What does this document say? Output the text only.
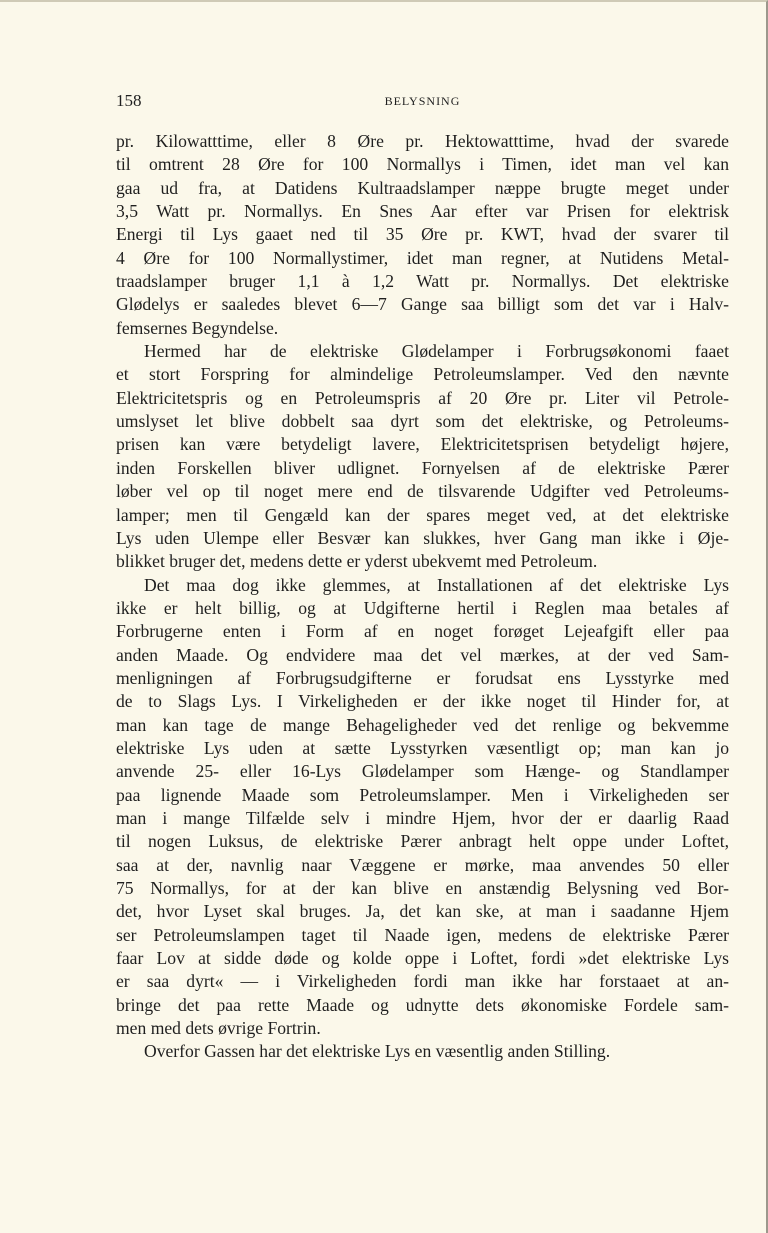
158	BELYSNING
pr. Kilowatttime, eller 8 Øre pr. Hektowatttime, hvad der svarede
til omtrent 28 Øre for 100 Normallys i Timen, idet man vel kan
gaa ud fra, at Datidens Kultraadslamper næppe brugte meget under
3,5 Watt pr. Normallys. En Snes Aar efter var Prisen for elektrisk
Energi til Lys gaaet ned til 35 Øre pr. KWT, hvad der svarer til
4 Øre for 100 Normallystimer, idet man regner, at Nutidens Metal-
traadslamper bruger 1,1 à 1,2 Watt pr. Normallys. Det elektriske
Glødelys er saaledes blevet 6—7 Gange saa billigt som det var i Halv-
femsernes Begyndelse.
Hermed har de elektriske Glødelamper i Forbrugsøkonomi faaet
et stort Forspring for almindelige Petroleumslamper. Ved den nævnte
Elektricitetspris og en Petroleumspris af 20 Øre pr. Liter vil Petrole-
umslyset let blive dobbelt saa dyrt som det elektriske, og Petroleums-
prisen kan være betydeligt lavere, Elektricitetsprisen betydeligt højere,
inden Forskellen bliver udlignet. Fornyelsen af de elektriske Pærer
løber vel op til noget mere end de tilsvarende Udgifter ved Petroleums-
lamper; men til Gengæld kan der spares meget ved, at det elektriske
Lys uden Ulempe eller Besvær kan slukkes, hver Gang man ikke i Øje-
blikket bruger det, medens dette er yderst ubekvemt med Petroleum.
Det maa dog ikke glemmes, at Installationen af det elektriske Lys
ikke er helt billig, og at Udgifterne hertil i Reglen maa betales af
Forbrugerne enten i Form af en noget forøget Lejeafgift eller paa
anden Maade. Og endvidere maa det vel mærkes, at der ved Sam-
menligningen af Forbrugsudgifterne er forudsat ens Lysstyrke med
de to Slags Lys. I Virkeligheden er der ikke noget til Hinder for, at
man kan tage de mange Behageligheder ved det renlige og bekvemme
elektriske Lys uden at sætte Lysstyrken væsentligt op; man kan jo
anvende 25- eller 16-Lys Glødelamper som Hænge- og Standlamper
paa lignende Maade som Petroleumslamper. Men i Virkeligheden ser
man i mange Tilfælde selv i mindre Hjem, hvor der er daarlig Raad
til nogen Luksus, de elektriske Pærer anbragt helt oppe under Loftet,
saa at der, navnlig naar Væggene er mørke, maa anvendes 50 eller
75 Normallys, for at der kan blive en anstændig Belysning ved Bor-
det, hvor Lyset skal bruges. Ja, det kan ske, at man i saadanne Hjem
ser Petroleumslampen taget til Naade igen, medens de elektriske Pærer
faar Lov at sidde døde og kolde oppe i Loftet, fordi »det elektriske Lys
er saa dyrt« — i Virkeligheden fordi man ikke har forstaaet at an-
bringe det paa rette Maade og udnytte dets økonomiske Fordele sam-
men med dets øvrige Fortrin.
Overfor Gassen har det elektriske Lys en væsentlig anden Stilling.
